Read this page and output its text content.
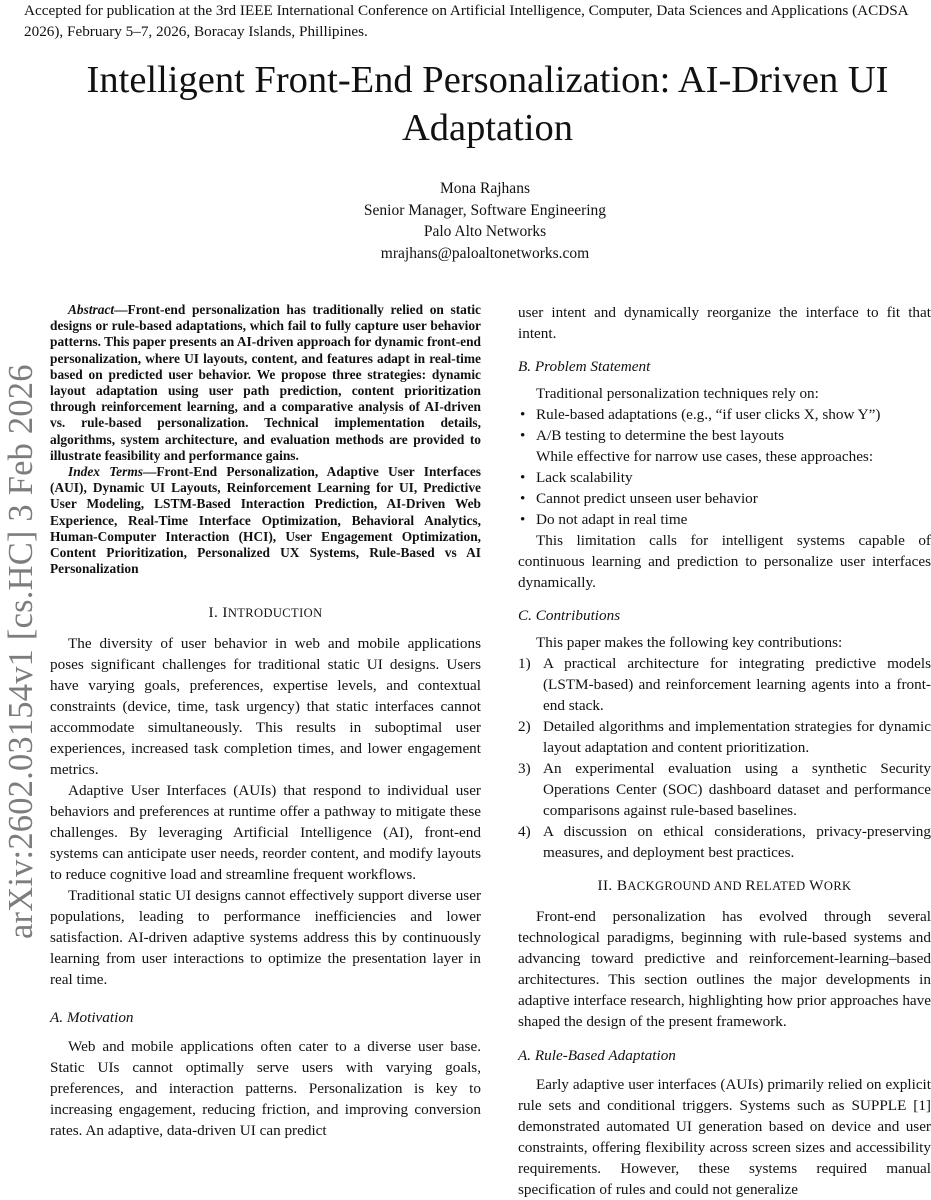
Accepted for publication at the 3rd IEEE International Conference on Artificial Intelligence, Computer, Data Sciences and Applications (ACDSA 2026), February 5–7, 2026, Boracay Islands, Phillipines.

arXiv:2602.03154v1 [cs.HC] 3 Feb 2026
Intelligent Front-End Personalization: AI-Driven UI Adaptation
Mona Rajhans
Senior Manager, Software Engineering
Palo Alto Networks
mrajhans@paloaltonetworks.com

Abstract—Front-end personalization has traditionally relied on static designs or rule-based adaptations, which fail to fully capture user behavior patterns. This paper presents an AI-driven approach for dynamic front-end personalization, where UI layouts, content, and features adapt in real-time based on predicted user behavior. We propose three strategies: dynamic layout adaptation using user path prediction, content prioritization through reinforcement learning, and a comparative analysis of AI-driven vs. rule-based personalization. Technical implementation details, algorithms, system architecture, and evaluation methods are provided to illustrate feasibility and performance gains.

Index Terms—Front-End Personalization, Adaptive User Interfaces (AUI), Dynamic UI Layouts, Reinforcement Learning for UI, Predictive User Modeling, LSTM-Based Interaction Prediction, AI-Driven Web Experience, Real-Time Interface Optimization, Behavioral Analytics, Human-Computer Interaction (HCI), User Engagement Optimization, Content Prioritization, Personalized UX Systems, Rule-Based vs AI Personalization

I. INTRODUCTION

The diversity of user behavior in web and mobile applications poses significant challenges for traditional static UI designs. Users have varying goals, preferences, expertise levels, and contextual constraints (device, time, task urgency) that static interfaces cannot accommodate simultaneously. This results in suboptimal user experiences, increased task completion times, and lower engagement metrics.

Adaptive User Interfaces (AUIs) that respond to individual user behaviors and preferences at runtime offer a pathway to mitigate these challenges. By leveraging Artificial Intelligence (AI), front-end systems can anticipate user needs, reorder content, and modify layouts to reduce cognitive load and streamline frequent workflows.

Traditional static UI designs cannot effectively support diverse user populations, leading to performance inefficiencies and lower satisfaction. AI-driven adaptive systems address this by continuously learning from user interactions to optimize the presentation layer in real time.

A. Motivation

Web and mobile applications often cater to a diverse user base. Static UIs cannot optimally serve users with varying goals, preferences, and interaction patterns. Personalization is key to increasing engagement, reducing friction, and improving conversion rates. An adaptive, data-driven UI can predict

user intent and dynamically reorganize the interface to fit that intent.

B. Problem Statement

Traditional personalization techniques rely on:

• Rule-based adaptations (e.g., “if user clicks X, show Y”)
• A/B testing to determine the best layouts

While effective for narrow use cases, these approaches:

• Lack scalability
• Cannot predict unseen user behavior
• Do not adapt in real time

This limitation calls for intelligent systems capable of continuous learning and prediction to personalize user interfaces dynamically.

C. Contributions

This paper makes the following key contributions:

1) A practical architecture for integrating predictive models (LSTM-based) and reinforcement learning agents into a front-end stack.
2) Detailed algorithms and implementation strategies for dynamic layout adaptation and content prioritization.
3) An experimental evaluation using a synthetic Security Operations Center (SOC) dashboard dataset and performance comparisons against rule-based baselines.
4) A discussion on ethical considerations, privacy-preserving measures, and deployment best practices.
II. BACKGROUND AND RELATED WORK

Front-end personalization has evolved through several technological paradigms, beginning with rule-based systems and advancing toward predictive and reinforcement-learning–based architectures. This section outlines the major developments in adaptive interface research, highlighting how prior approaches have shaped the design of the present framework.

A. Rule-Based Adaptation

Early adaptive user interfaces (AUIs) primarily relied on explicit rule sets and conditional triggers. Systems such as SUPPLE [1] demonstrated automated UI generation based on device and user constraints, offering flexibility across screen sizes and accessibility requirements. However, these systems required manual specification of rules and could not generalize
